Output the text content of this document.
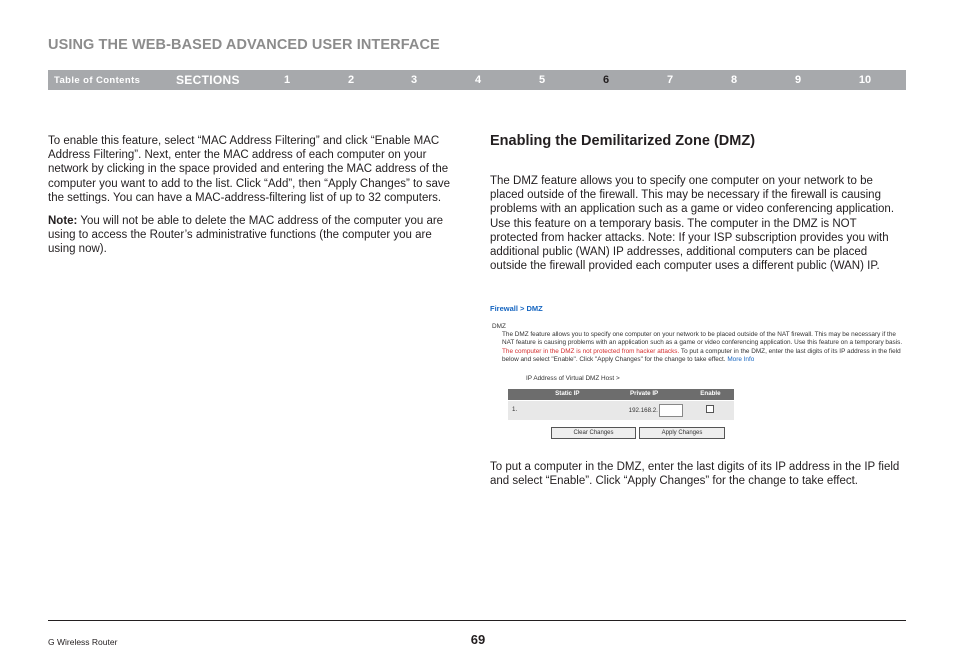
USING THE WEB-BASED ADVANCED USER INTERFACE
Table of Contents	SECTIONS	1	2	3	4	5	6	7	8	9	10

To enable this feature, select “MAC Address Filtering” and click “Enable MAC Address Filtering”. Next, enter the MAC address of each computer on your network by clicking in the space provided and entering the MAC address of the computer you want to add to the list. Click “Add”, then “Apply Changes” to save the settings. You can have a MAC-address-filtering list of up to 32 computers.

Note: You will not be able to delete the MAC address of the computer you are using to access the Router’s administrative functions (the computer you are using now).

Enabling the Demilitarized Zone (DMZ)

The DMZ feature allows you to specify one computer on your network to be placed outside of the firewall. This may be necessary if the firewall is causing problems with an application such as a game or video conferencing application. Use this feature on a temporary basis. The computer in the DMZ is NOT protected from hacker attacks. Note: If your ISP subscription provides you with additional public (WAN) IP addresses, additional computers can be placed outside the firewall provided each computer uses a different public (WAN) IP.

To put a computer in the DMZ, enter the last digits of its IP address in the IP field and select “Enable”. Click “Apply Changes” for the change to take effect.

Firewall > DMZ
DMZ
The DMZ feature allows you to specify one computer on your network to be placed outside of the NAT firewall. This may be necessary if the NAT feature is causing problems with an application such as a game or video conferencing application. Use this feature on a temporary basis. The computer in the DMZ is not protected from hacker attacks. To put a computer in the DMZ, enter the last digits of its IP address in the field below and select "Enable". Click "Apply Changes" for the change to take effect. More Info
IP Address of Virtual DMZ Host >
	Static IP	Private IP	Enable
1.		192.168.2.	
Clear Changes	Apply Changes
G Wireless Router	69
